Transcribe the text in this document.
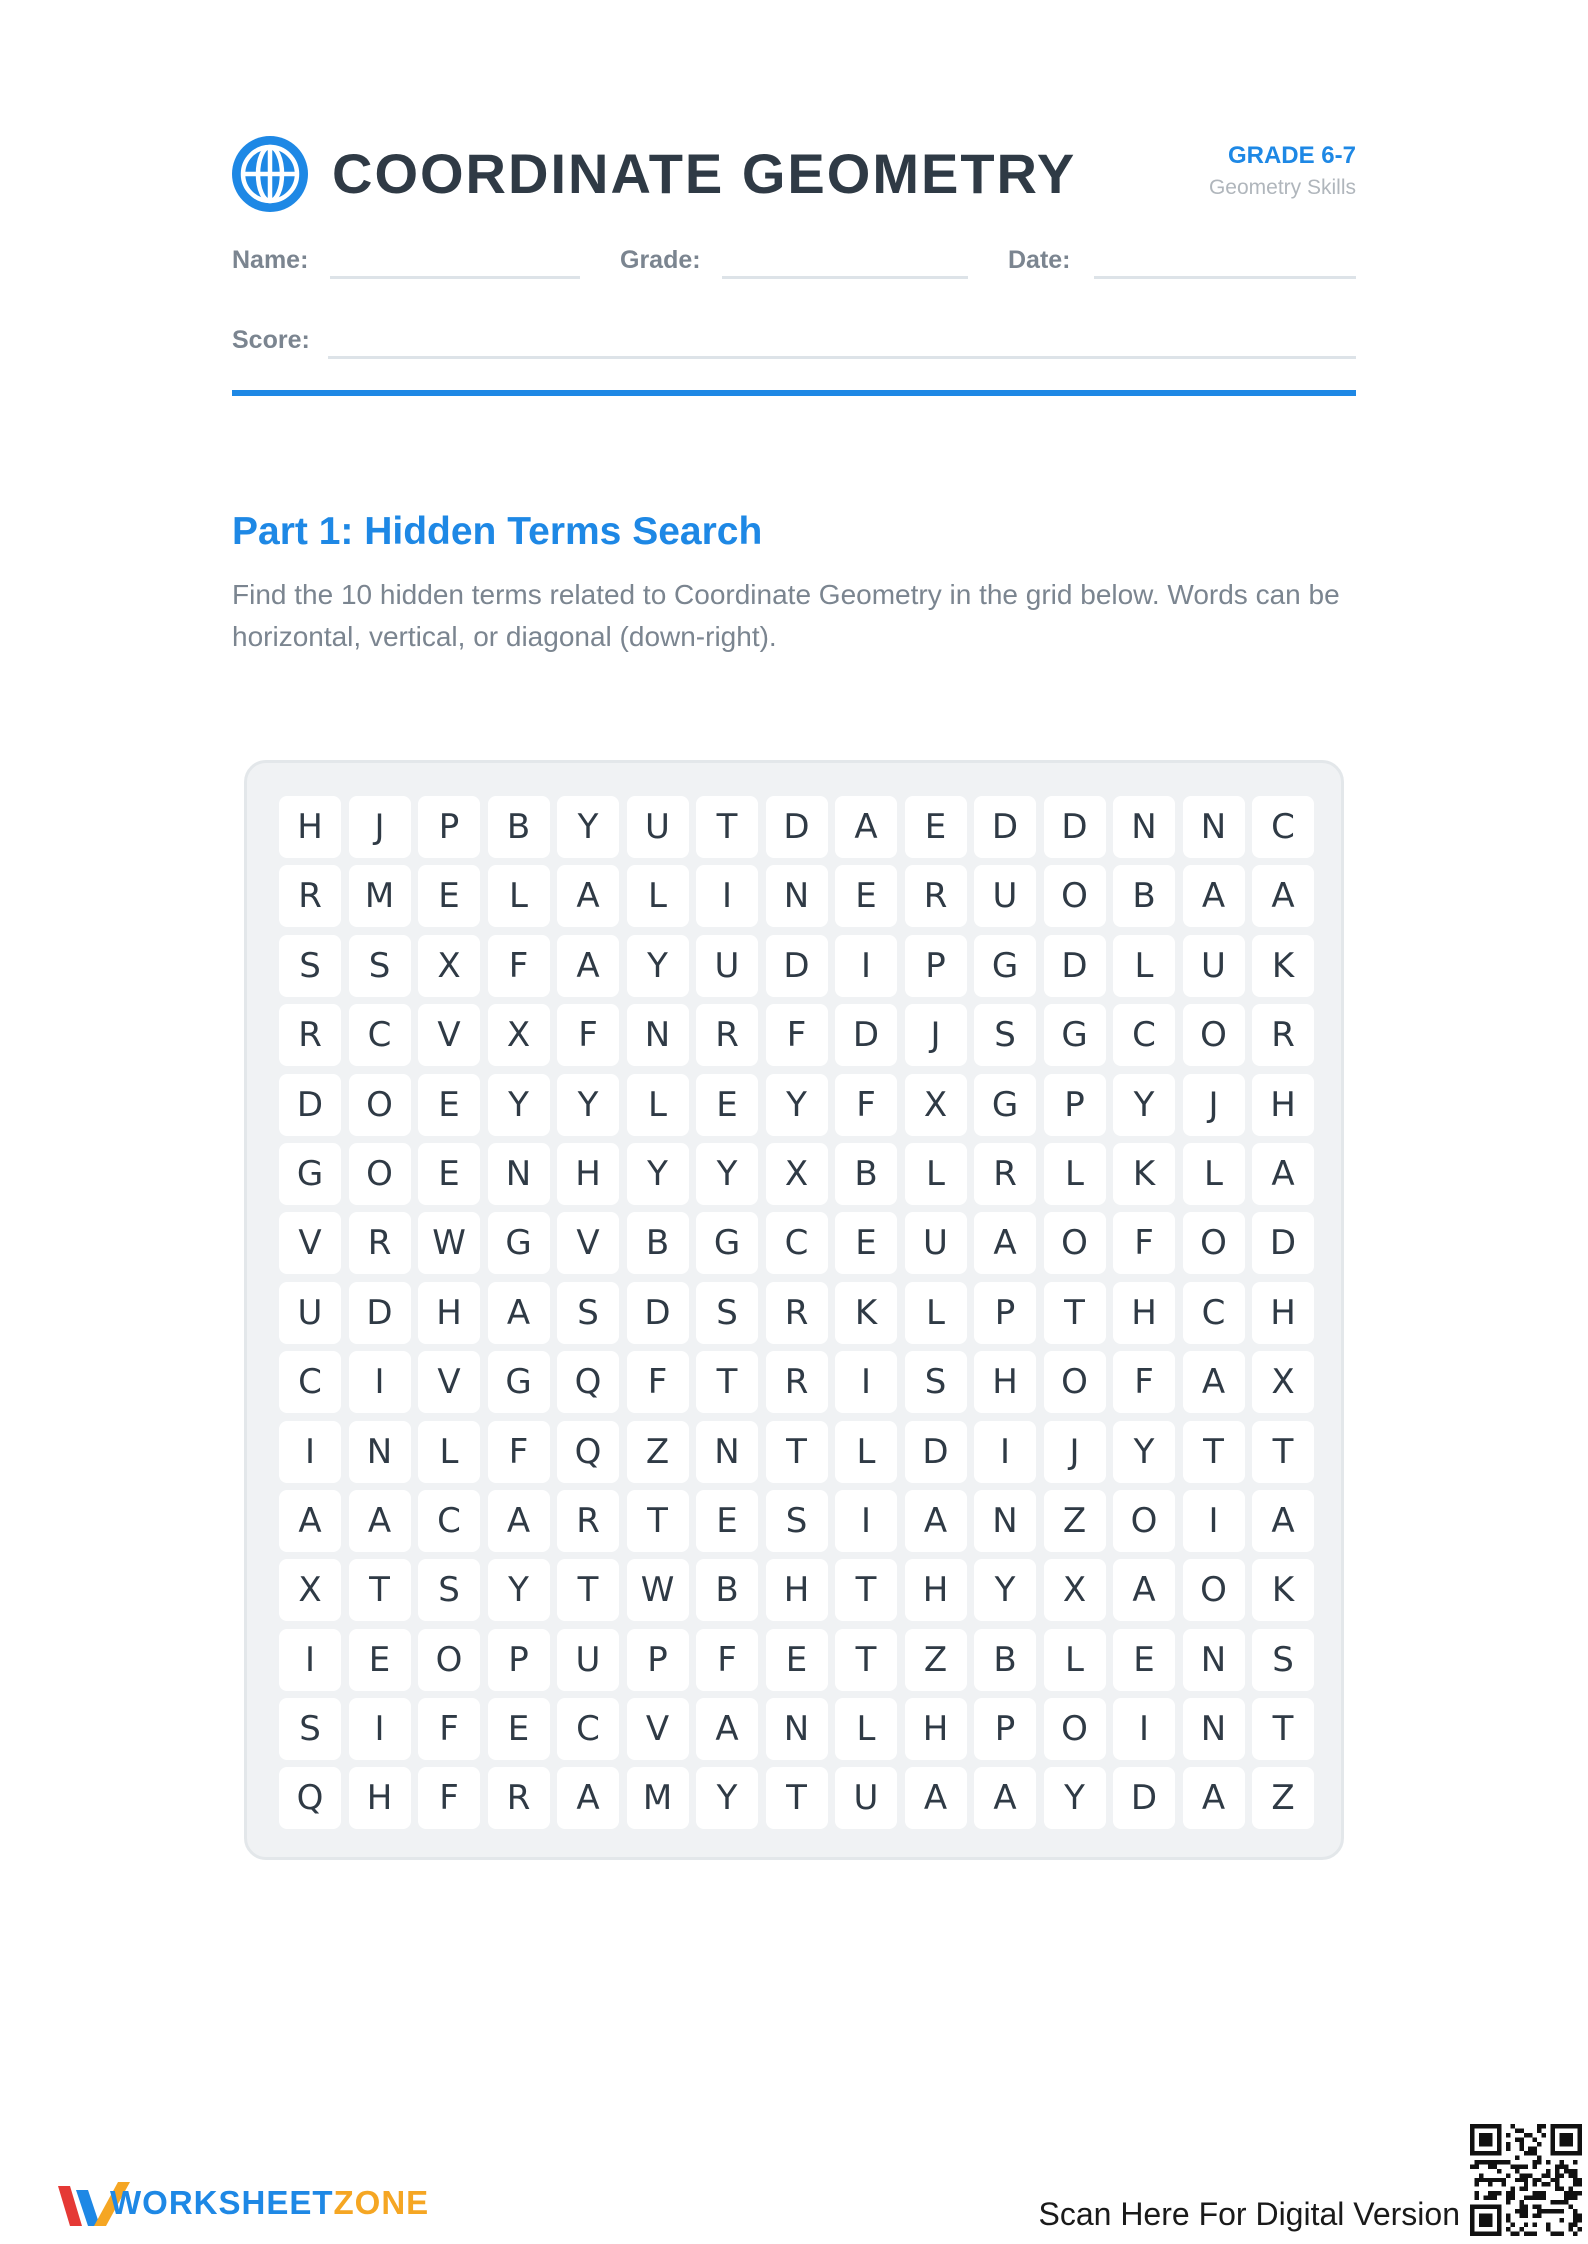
COORDINATE GEOMETRY	GRADE 6-7
Geometry Skills
Name:	Grade:	Date:
Score:
Part 1: Hidden Terms Search
Find the 10 hidden terms related to Coordinate Geometry in the grid below. Words can be horizontal, vertical, or diagonal (down-right).
H	J	P	B	Y	U	T	D	A	E	D	D	N	N	C
R	M	E	L	A	L	I	N	E	R	U	O	B	A	A
S	S	X	F	A	Y	U	D	I	P	G	D	L	U	K
R	C	V	X	F	N	R	F	D	J	S	G	C	O	R
D	O	E	Y	Y	L	E	Y	F	X	G	P	Y	J	H
G	O	E	N	H	Y	Y	X	B	L	R	L	K	L	A
V	R	W	G	V	B	G	C	E	U	A	O	F	O	D
U	D	H	A	S	D	S	R	K	L	P	T	H	C	H
C	I	V	G	Q	F	T	R	I	S	H	O	F	A	X
I	N	L	F	Q	Z	N	T	L	D	I	J	Y	T	T
A	A	C	A	R	T	E	S	I	A	N	Z	O	I	A
X	T	S	Y	T	W	B	H	T	H	Y	X	A	O	K
I	E	O	P	U	P	F	E	T	Z	B	L	E	N	S
S	I	F	E	C	V	A	N	L	H	P	O	I	N	T
Q	H	F	R	A	M	Y	T	U	A	A	Y	D	A	Z
WORKSHEETZONE	Scan Here For Digital Version
